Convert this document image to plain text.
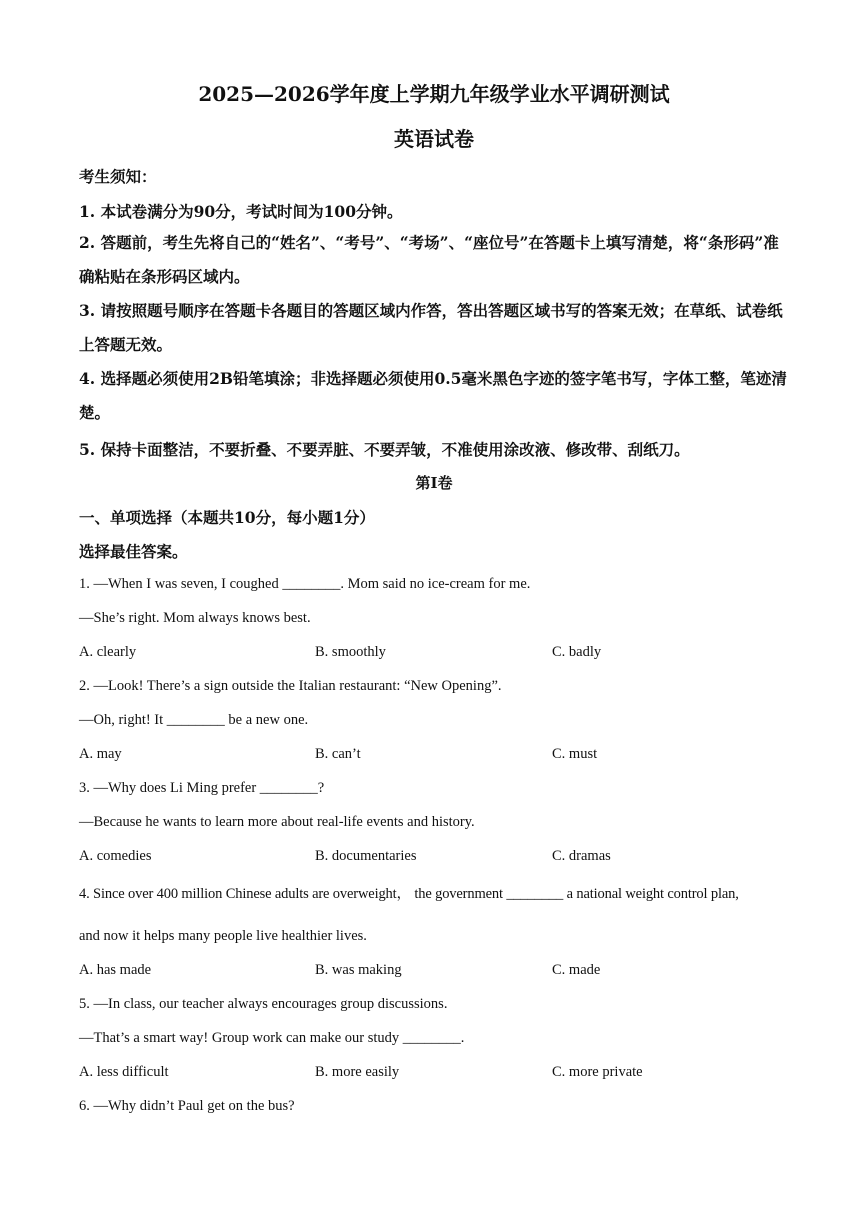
2025—2026学年度上学期九年级学业水平调研测试
英语试卷
考生须知：
1. 本试卷满分为90分，考试时间为100分钟。
2. 答题前，考生先将自己的“姓名”、“考号”、“考场”、“座位号”在答题卡上填写清楚，将“条形码”准确粘贴在条形码区域内。
3. 请按照题号顺序在答题卡各题目的答题区域内作答，答出答题区域书写的答案无效；在草纸、试卷纸上答题无效。
4. 选择题必须使用2B铅笔填涂；非选择题必须使用0.5毫米黑色字迹的签字笔书写，字体工整，笔迹清楚。
5. 保持卡面整洁，不要折叠、不要弄脏、不要弄皱，不准使用涂改液、修改带、刮纸刀。
第Ⅰ卷
一、单项选择（本题共10分，每小题1分）
选择最佳答案。
1. —When I was seven, I coughed ________. Mom said no ice-cream for me.
—She’s right. Mom always knows best.
A. clearly	B. smoothly	C. badly
2. —Look! There’s a sign outside the Italian restaurant: “New Opening”.
—Oh, right! It ________ be a new one.
A. may	B. can’t	C. must
3. —Why does Li Ming prefer ________?
—Because he wants to learn more about real-life events and history.
A. comedies	B. documentaries	C. dramas
4. Since over 400 million Chinese adults are overweight， the government ________ a national weight control plan,
and now it helps many people live healthier lives.
A. has made	B. was making	C. made
5. —In class, our teacher always encourages group discussions.
—That’s a smart way! Group work can make our study ________.
A. less difficult	B. more easily	C. more private
6. —Why didn’t Paul get on the bus?
